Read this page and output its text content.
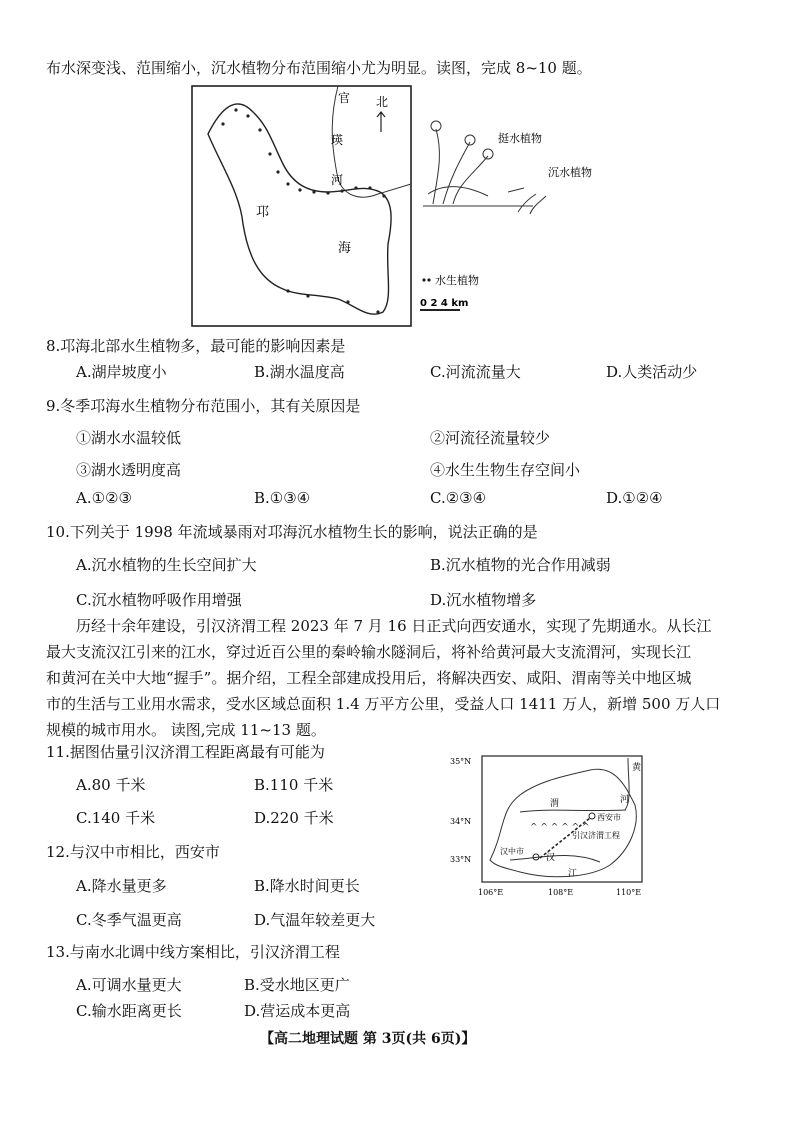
布水深变浅、范围缩小，沉水植物分布范围缩小尤为明显。读图，完成 8~10 题。
官 北
瑛
河
邛
海
挺水植物
沉水植物
水生植物
0 2 4 km
8.邛海北部水生植物多，最可能的影响因素是
A.湖岸坡度小	B.湖水温度高	C.河流流量大	D.人类活动少
9.冬季邛海水生植物分布范围小，其有关原因是
①湖水水温较低	②河流径流量较少
③湖水透明度高	④水生生物生存空间小
A.①②③	B.①③④	C.②③④	D.①②④
10.下列关于 1998 年流域暴雨对邛海沉水植物生长的影响，说法正确的是
A.沉水植物的生长空间扩大	B.沉水植物的光合作用减弱
C.沉水植物呼吸作用增强	D.沉水植物增多
历经十余年建设，引汉济渭工程 2023 年 7 月 16 日正式向西安通水，实现了先期通水。从长江
最大支流汉江引来的江水，穿过近百公里的秦岭输水隧洞后，将补给黄河最大支流渭河，实现长江
和黄河在关中大地“握手”。据介绍，工程全部建成投用后，将解决西安、咸阳、渭南等关中地区城
市的生活与工业用水需求，受水区域总面积 1.4 万平方公里，受益人口 1411 万人，新增 500 万人口
规模的城市用水。 读图,完成 11~13 题。
11.据图估量引汉济渭工程距离最有可能为
A.80 千米	B.110 千米
C.140 千米	D.220 千米
12.与汉中市相比，西安市
A.降水量更多	B.降水时间更长
C.冬季气温更高	D.气温年较差更大
13.与南水北调中线方案相比，引汉济渭工程
A.可调水量更大	B.受水地区更广
C.输水距离更长	D.营运成本更高
^ ^ ^ ^ ^ ^
35°N
34°N
33°N
106°E	108°E	110°E
黄
河
渭
西安市
引汉济渭工程
汉中市
汉
江
【高二地理试题 第 3页(共 6页)】
